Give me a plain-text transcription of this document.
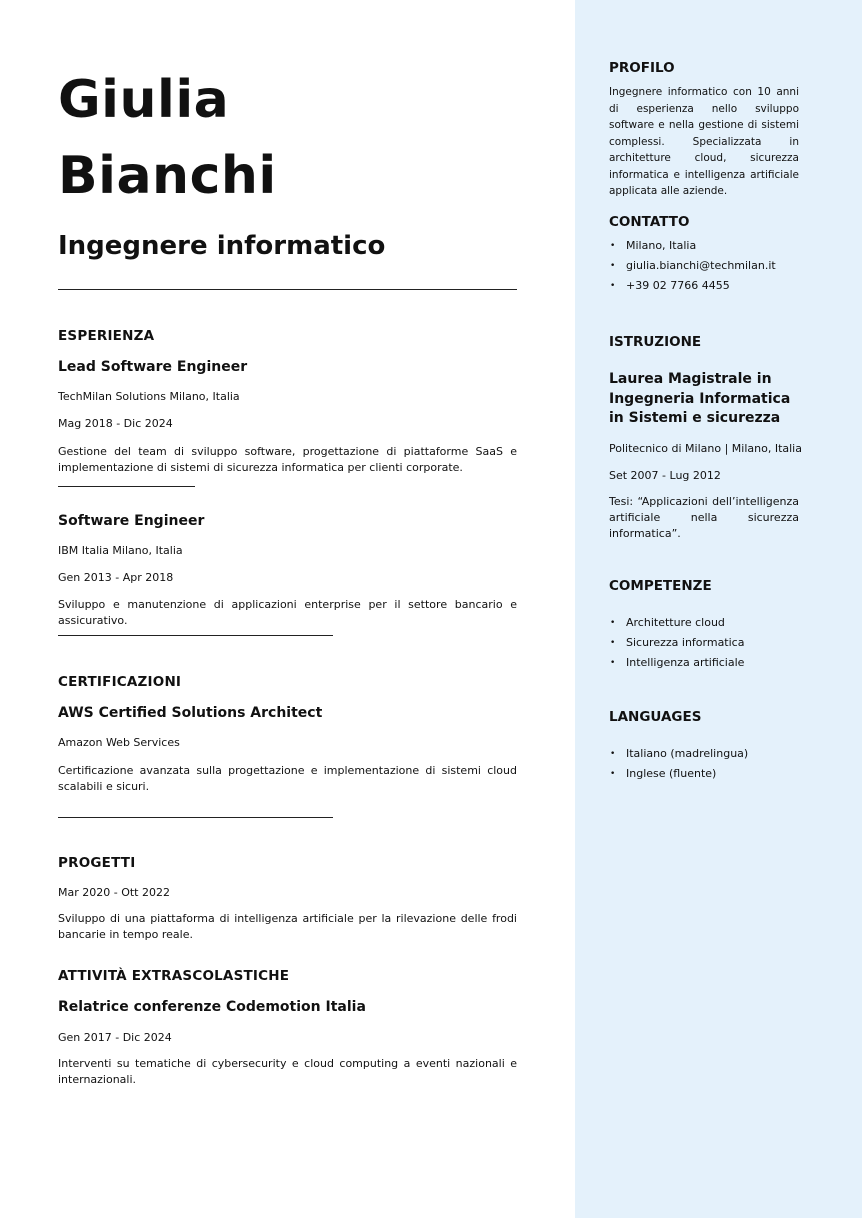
Giulia
Bianchi
Ingegnere informatico
ESPERIENZA
Lead Software Engineer
TechMilan Solutions Milano, Italia
Mag 2018 - Dic 2024
Gestione del team di sviluppo software, progettazione di piattaforme SaaS e implementazione di sistemi di sicurezza informatica per clienti corporate.
Software Engineer
IBM Italia Milano, Italia
Gen 2013 - Apr 2018
Sviluppo e manutenzione di applicazioni enterprise per il settore bancario e assicurativo.
CERTIFICAZIONI
AWS Certified Solutions Architect
Amazon Web Services
Certificazione avanzata sulla progettazione e implementazione di sistemi cloud scalabili e sicuri.
PROGETTI
Mar 2020 - Ott 2022
Sviluppo di una piattaforma di intelligenza artificiale per la rilevazione delle frodi bancarie in tempo reale.
ATTIVITÀ EXTRASCOLASTICHE
Relatrice conferenze Codemotion Italia
Gen 2017 - Dic 2024
Interventi su tematiche di cybersecurity e cloud computing a eventi nazionali e internazionali.
PROFILO
Ingegnere informatico con 10 anni di esperienza nello sviluppo software e nella gestione di sistemi complessi. Specializzata in architetture cloud, sicurezza informatica e intelligenza artificiale applicata alle aziende.
CONTATTO
• Milano, Italia
• giulia.bianchi@techmilan.it
• +39 02 7766 4455
ISTRUZIONE
Laurea Magistrale in Ingegneria Informatica in Sistemi e sicurezza
Politecnico di Milano | Milano, Italia
Set 2007 - Lug 2012
Tesi: “Applicazioni dell’intelligenza artificiale nella sicurezza informatica”.
COMPETENZE
• Architetture cloud
• Sicurezza informatica
• Intelligenza artificiale
LANGUAGES
• Italiano (madrelingua)
• Inglese (fluente)
